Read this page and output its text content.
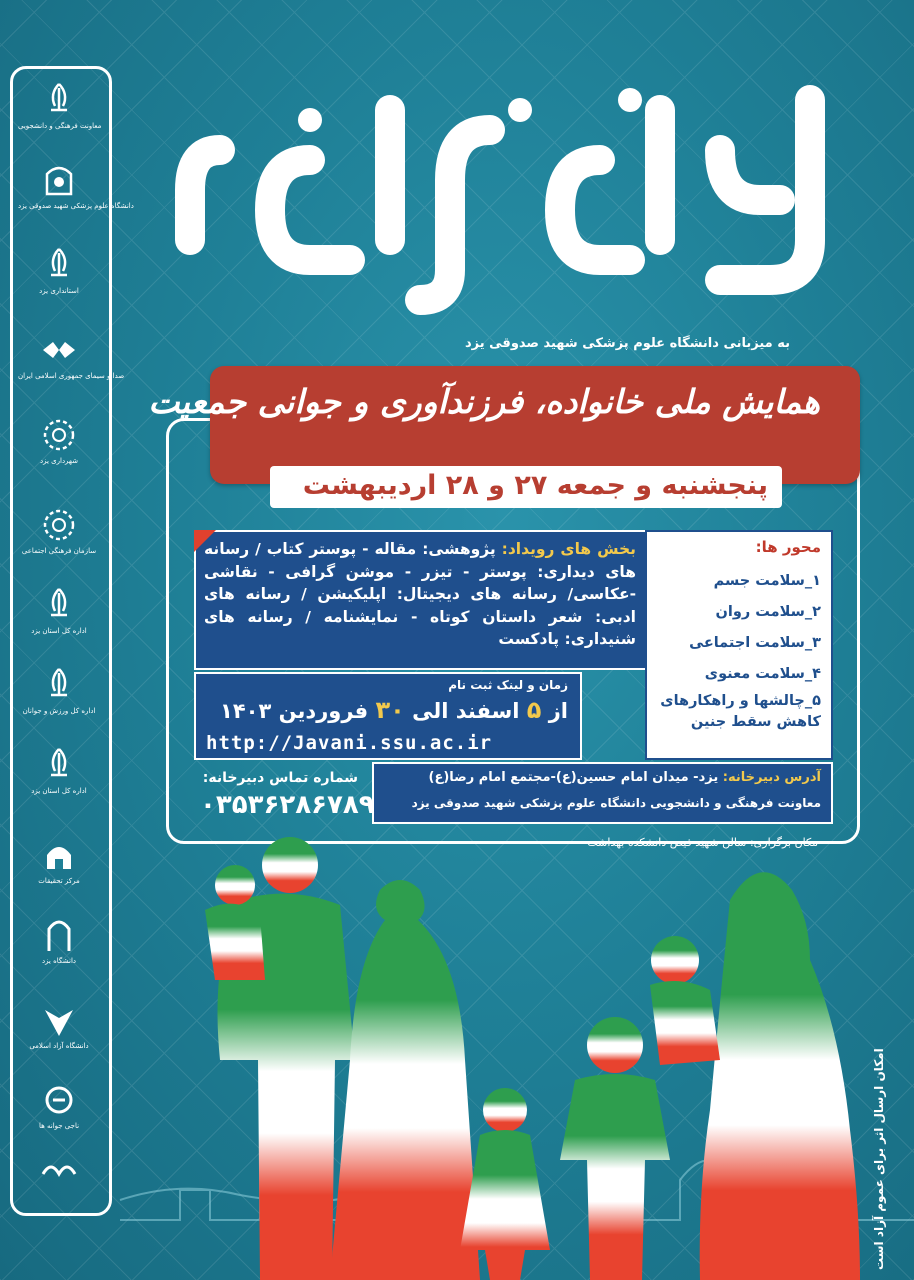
معاونت فرهنگی و دانشجویی
دانشگاه علوم پزشکی شهید صدوقی یزد
استانداری یزد
صدا و سیمای جمهوری اسلامی ایران
شهرداری یزد
سازمان فرهنگی اجتماعی
اداره کل استان یزد
اداره کل ورزش و جوانان
اداره کل استان یزد
مرکز تحقیقات
دانشگاه یزد
دانشگاه آزاد اسلامی
ناجی جوانه ها
ایران جوان
به میزبانی دانشگاه علوم پزشکی شهید صدوقی یزد
همایش ملی خانواده، فرزندآوری و جوانی جمعیت
پنجشنبه و جمعه ۲۷ و ۲۸ اردیبهشت
بخش های رویداد: پژوهشی: مقاله - پوستر کتاب / رسانه های دیداری: پوستر - تیزر - موشن گرافی - نقاشی -عکاسی/ رسانه های دیجیتال: اپلیکیشن / رسانه های ادبی: شعر داستان کوتاه - نمایشنامه / رسانه های شنیداری: پادکست
زمان و لینک ثبت نام
از ۵ اسفند الی ۳۰ فروردین ۱۴۰۳
http://Javani.ssu.ac.ir
محور ها:
۱_سلامت جسم
۲_سلامت روان
۳_سلامت اجتماعی
۴_سلامت معنوی
۵_چالشها و راهکارهای
کاهش سقط جنین
آدرس دبیرخانه: یزد- میدان امام حسین(ع)-مجتمع امام رضا(ع)
معاونت فرهنگی و دانشجویی دانشگاه علوم پزشکی شهید صدوقی یزد
شماره تماس دبیرخانه:
۰۳۵۳۶۲۸۶۷۸۹
مکان برگزاری: سالن شهید فیض دانشکده بهداشت
امکان ارسال اثر برای عموم آزاد است
